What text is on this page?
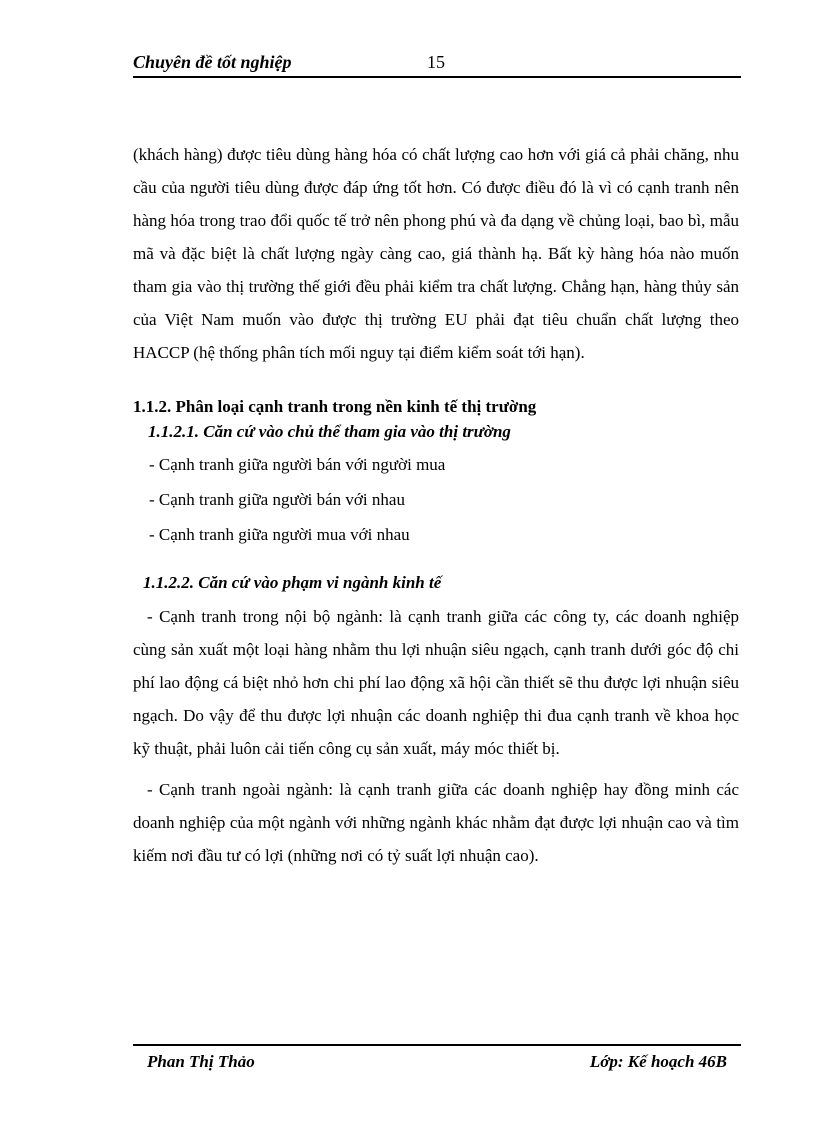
Chuyên đề tốt nghiệp	15

(khách hàng) được tiêu dùng hàng hóa có chất lượng cao hơn với giá cả phải chăng, nhu cầu của người tiêu dùng được đáp ứng tốt hơn. Có được điều đó là vì có cạnh tranh nên hàng hóa trong trao đổi quốc tế trở nên phong phú và đa dạng về chủng loại, bao bì, mẫu mã và đặc biệt là chất lượng ngày càng cao, giá thành hạ. Bất kỳ hàng hóa nào muốn tham gia vào thị trường thế giới đều phải kiểm tra chất lượng. Chẳng hạn, hàng thủy sản của Việt Nam muốn vào được thị trường EU phải đạt tiêu chuẩn chất lượng theo HACCP (hệ thống phân tích mối nguy tại điểm kiểm soát tới hạn).

1.1.2. Phân loại cạnh tranh trong nền kinh tế thị trường
1.1.2.1. Căn cứ vào chủ thể tham gia vào thị trường
- Cạnh tranh giữa người bán với người mua
- Cạnh tranh giữa người bán với nhau
- Cạnh tranh giữa người mua với nhau
1.1.2.2. Căn cứ vào phạm vi ngành kinh tế

- Cạnh tranh trong nội bộ ngành: là cạnh tranh giữa các công ty, các doanh nghiệp cùng sản xuất một loại hàng nhằm thu lợi nhuận siêu ngạch, cạnh tranh dưới góc độ chi phí lao động cá biệt nhỏ hơn chi phí lao động xã hội cần thiết sẽ thu được lợi nhuận siêu ngạch. Do vậy để thu được lợi nhuận các doanh nghiệp thi đua cạnh tranh về khoa học kỹ thuật, phải luôn cải tiến công cụ sản xuất, máy móc thiết bị.

- Cạnh tranh ngoài ngành: là cạnh tranh giữa các doanh nghiệp hay đồng minh các doanh nghiệp của một ngành với những ngành khác nhằm đạt được lợi nhuận cao và tìm kiếm nơi đầu tư có lợi (những nơi có tỷ suất lợi nhuận cao).

Phan Thị Thảo	Lớp: Kế hoạch 46B
